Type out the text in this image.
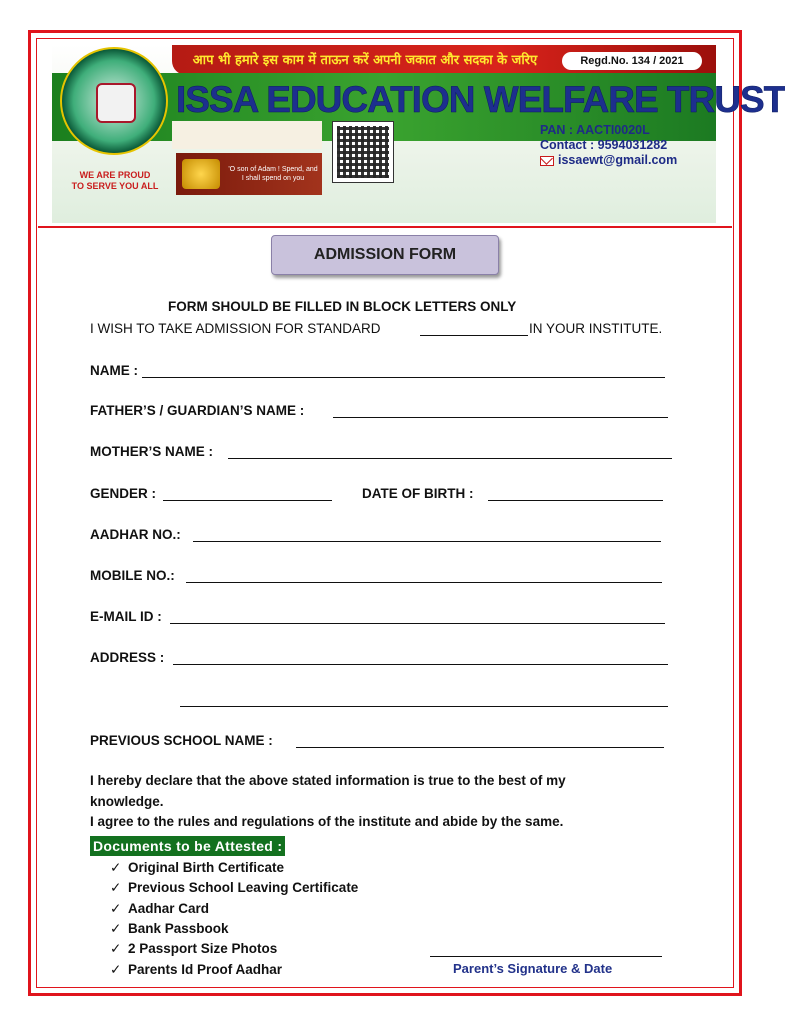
आप भी हमारे इस काम में ताऊन करें अपनी जकात और सदका के जरिए	Regd.No. 134 / 2021
ISSA EDUCATION WELFARE TRUST
WE ARE PROUD
TO SERVE YOU ALL
'O son of Adam ! Spend, and I shall spend on you
PAN : AACTI0020L
Contact : 9594031282
issaewt@gmail.com
ADMISSION FORM
FORM SHOULD BE FILLED IN BLOCK LETTERS ONLY
I WISH TO TAKE ADMISSION FOR STANDARD	IN YOUR INSTITUTE.
NAME :
FATHER’S / GUARDIAN’S NAME :
MOTHER’S NAME :
GENDER :	DATE OF BIRTH :
AADHAR NO.:
MOBILE NO.:
E-MAIL ID :
ADDRESS :
PREVIOUS SCHOOL NAME :
I hereby declare that the above stated information is true to the best of my
knowledge.
I agree to the rules and regulations of the institute and abide by the same.
Documents to be Attested :
✓ Original Birth Certificate
✓ Previous School Leaving Certificate
✓ Aadhar Card
✓ Bank Passbook
✓ 2 Passport Size Photos
✓ Parents Id Proof Aadhar	Parent’s Signature & Date
